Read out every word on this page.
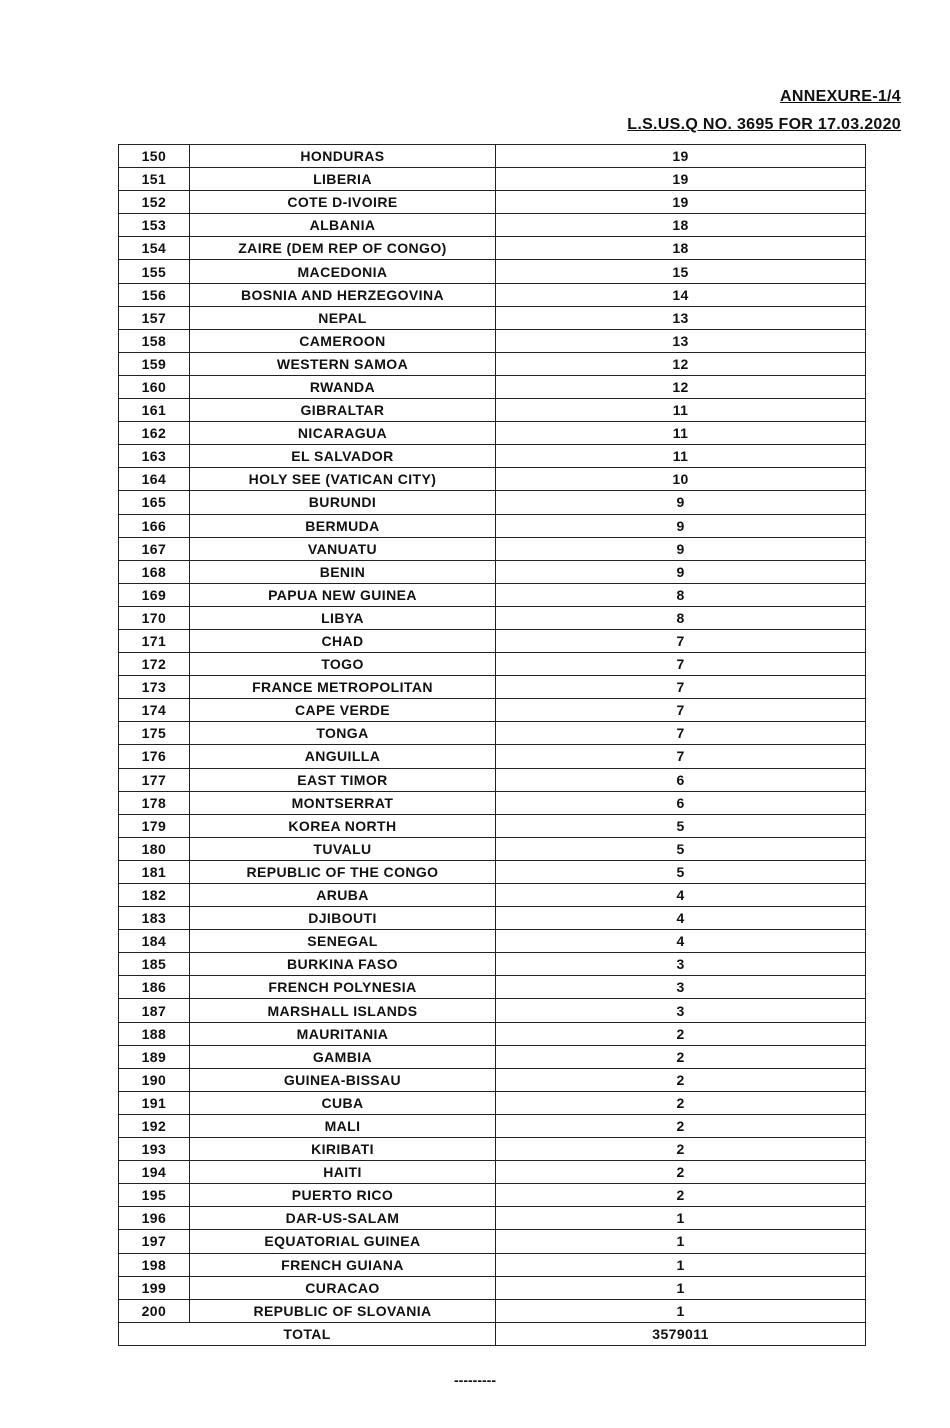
ANNEXURE-1/4
L.S.US.Q NO. 3695 FOR 17.03.2020
150	HONDURAS	19
151	LIBERIA	19
152	COTE D-IVOIRE	19
153	ALBANIA	18
154	ZAIRE (DEM REP OF CONGO)	18
155	MACEDONIA	15
156	BOSNIA AND HERZEGOVINA	14
157	NEPAL	13
158	CAMEROON	13
159	WESTERN SAMOA	12
160	RWANDA	12
161	GIBRALTAR	11
162	NICARAGUA	11
163	EL SALVADOR	11
164	HOLY SEE (VATICAN CITY)	10
165	BURUNDI	9
166	BERMUDA	9
167	VANUATU	9
168	BENIN	9
169	PAPUA NEW GUINEA	8
170	LIBYA	8
171	CHAD	7
172	TOGO	7
173	FRANCE METROPOLITAN	7
174	CAPE VERDE	7
175	TONGA	7
176	ANGUILLA	7
177	EAST TIMOR	6
178	MONTSERRAT	6
179	KOREA NORTH	5
180	TUVALU	5
181	REPUBLIC OF THE CONGO	5
182	ARUBA	4
183	DJIBOUTI	4
184	SENEGAL	4
185	BURKINA FASO	3
186	FRENCH POLYNESIA	3
187	MARSHALL ISLANDS	3
188	MAURITANIA	2
189	GAMBIA	2
190	GUINEA-BISSAU	2
191	CUBA	2
192	MALI	2
193	KIRIBATI	2
194	HAITI	2
195	PUERTO RICO	2
196	DAR-US-SALAM	1
197	EQUATORIAL GUINEA	1
198	FRENCH GUIANA	1
199	CURACAO	1
200	REPUBLIC OF SLOVANIA	1
TOTAL		3579011
---------
